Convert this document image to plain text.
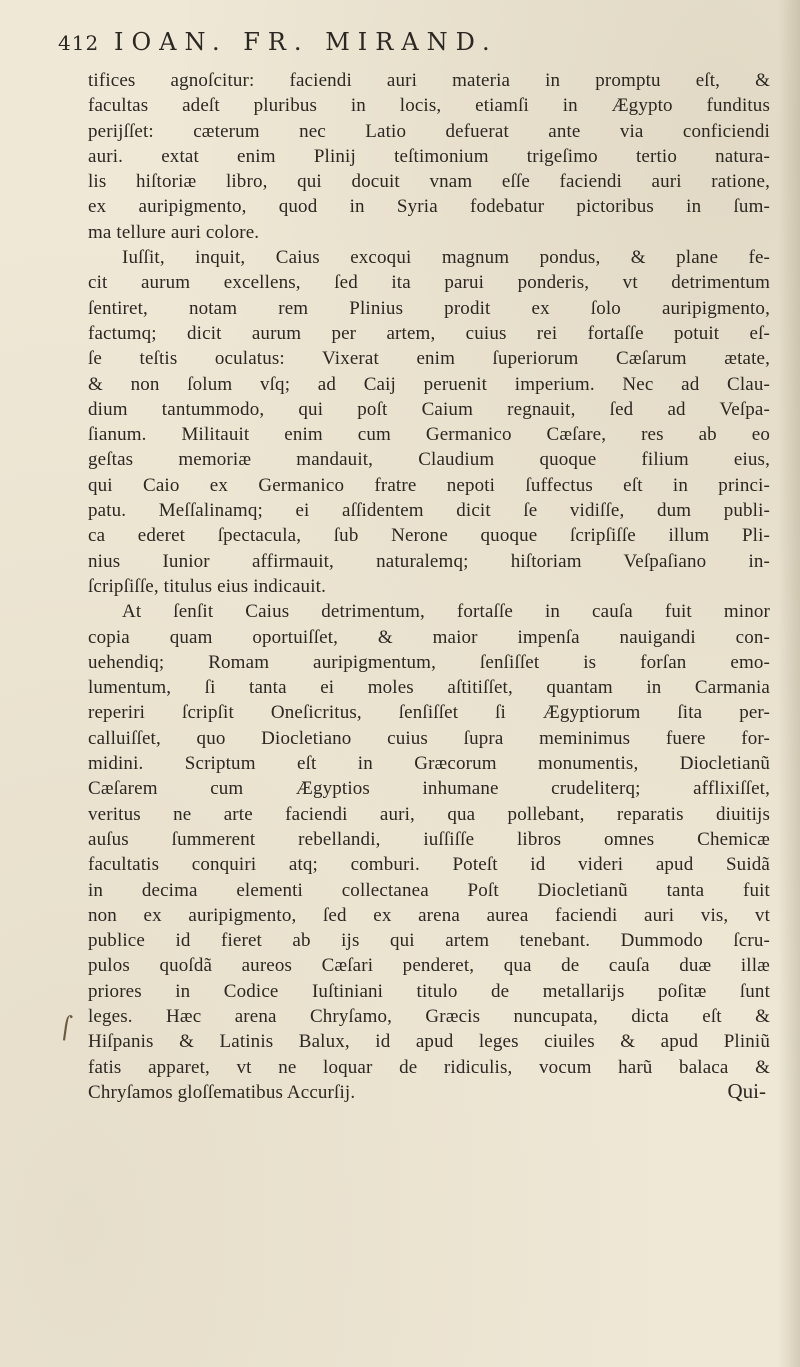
412 IOAN. FR. MIRAND.
tifices agnoſcitur: faciendi auri materia in promptu eſt, &
facultas adeſt pluribus in locis, etiamſi in Ægypto funditus
perijſſet: cæterum nec Latio defuerat ante via conficiendi
auri. extat enim Plinij teſtimonium trigeſimo tertio natura-
lis hiſtoriæ libro, qui docuit vnam eſſe faciendi auri ratione,
ex auripigmento, quod in Syria fodebatur pictoribus in ſum-
ma tellure auri colore.
Iuſſit, inquit, Caius excoqui magnum pondus, & plane fe-
cit aurum excellens, ſed ita parui ponderis, vt detrimentum
ſentiret, notam rem Plinius prodit ex ſolo auripigmento,
factumq; dicit aurum per artem, cuius rei fortaſſe potuit eſ-
ſe teſtis oculatus: Vixerat enim ſuperiorum Cæſarum ætate,
& non ſolum vſq; ad Caij peruenit imperium. Nec ad Clau-
dium tantummodo, qui poſt Caium regnauit, ſed ad Veſpa-
ſianum. Militauit enim cum Germanico Cæſare, res ab eo
geſtas memoriæ mandauit, Claudium quoque filium eius,
qui Caio ex Germanico fratre nepoti ſuffectus eſt in princi-
patu. Meſſalinamq; ei aſſidentem dicit ſe vidiſſe, dum publi-
ca ederet ſpectacula, ſub Nerone quoque ſcripſiſſe illum Pli-
nius Iunior affirmauit, naturalemq; hiſtoriam Veſpaſiano in-
ſcripſiſſe, titulus eius indicauit.
At ſenſit Caius detrimentum, fortaſſe in cauſa fuit minor
copia quam oportuiſſet, & maior impenſa nauigandi con-
uehendiq; Romam auripigmentum, ſenſiſſet is forſan emo-
lumentum, ſi tanta ei moles aſtitiſſet, quantam in Carmania
reperiri ſcripſit Oneſicritus, ſenſiſſet ſi Ægyptiorum ſita per-
calluiſſet, quo Diocletiano cuius ſupra meminimus fuere for-
midini. Scriptum eſt in Græcorum monumentis, Diocletianũ
Cæſarem cum Ægyptios inhumane crudeliterq; afflixiſſet,
veritus ne arte faciendi auri, qua pollebant, reparatis diuitijs
auſus ſummerent rebellandi, iuſſiſſe libros omnes Chemicæ
facultatis conquiri atq; comburi. Poteſt id videri apud Suidã
in decima elementi collectanea Poſt Diocletianũ tanta fuit
non ex auripigmento, ſed ex arena aurea faciendi auri vis, vt
publice id fieret ab ijs qui artem tenebant. Dummodo ſcru-
pulos quoſdã aureos Cæſari penderet, qua de cauſa duæ illæ
priores in Codice Iuſtiniani titulo de metallarijs poſitæ ſunt
leges. Hæc arena Chryſamo, Græcis nuncupata, dicta eſt &
Hiſpanis & Latinis Balux, id apud leges ciuiles & apud Pliniũ
fatis apparet, vt ne loquar de ridiculis, vocum harũ balaca &
Chryſamos gloſſematibus Accurſij.
⌠
Qui-
